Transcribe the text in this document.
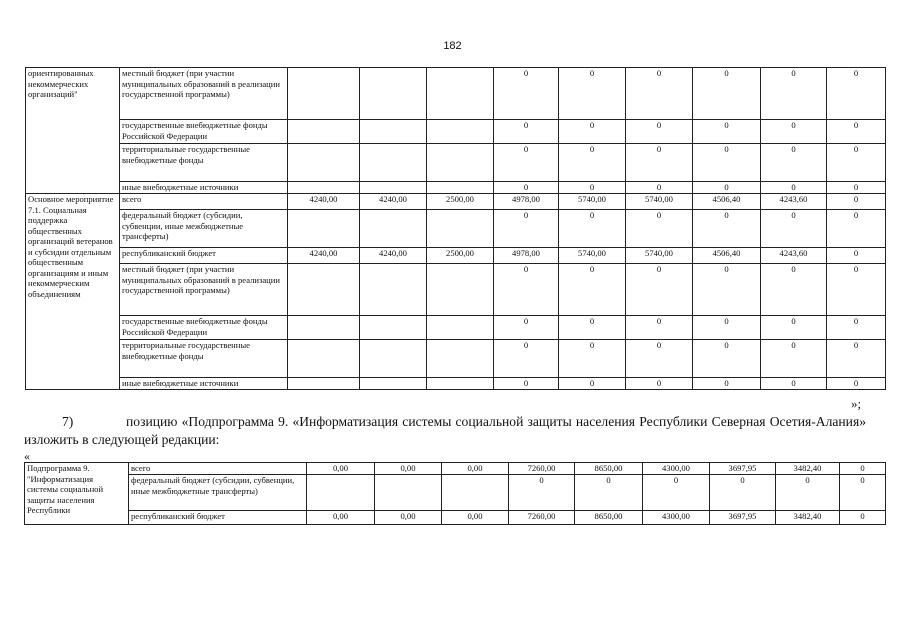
182
ориентированных некоммерческих организаций"	местный бюджет (при участии муниципальных образований в реализации государственной программы)				0	0	0	0	0	0
	государственные внебюджетные фонды Российской Федерации				0	0	0	0	0	0
	территориальные государственные внебюджетные фонды				0	0	0	0	0	0
	иные внебюджетные источники				0	0	0	0	0	0
Основное мероприятие 7.1. Социальная поддержка общественных организаций ветеранов и субсидии отдельным общественным организациям и иным некоммерческим объединениям	всего	4240,00	4240,00	2500,00	4978,00	5740,00	5740,00	4506,40	4243,60	0
	федеральный бюджет (субсидии, субвенции, иные межбюджетные трансферты)				0	0	0	0	0	0
	республиканский бюджет	4240,00	4240,00	2500,00	4978,00	5740,00	5740,00	4506,40	4243,60	0
	местный бюджет (при участии муниципальных образований в реализации государственной программы)				0	0	0	0	0	0
	государственные внебюджетные фонды Российской Федерации				0	0	0	0	0	0
	территориальные государственные внебюджетные фонды				0	0	0	0	0	0
	иные внебюджетные источники				0	0	0	0	0	0
»;
7)	позицию «Подпрограмма 9. «Информатизация системы социальной защиты населения Республики Северная Осетия-Алания» изложить в следующей редакции:
«
Подпрограмма 9. "Информатизация системы социальной защиты населения Республики	всего	0,00	0,00	0,00	7260,00	8650,00	4300,00	3697,95	3482,40	0
	федеральный бюджет (субсидии, субвенции, иные межбюджетные трансферты)				0	0	0	0	0	0
	республиканский бюджет	0,00	0,00	0,00	7260,00	8650,00	4300,00	3697,95	3482,40	0
